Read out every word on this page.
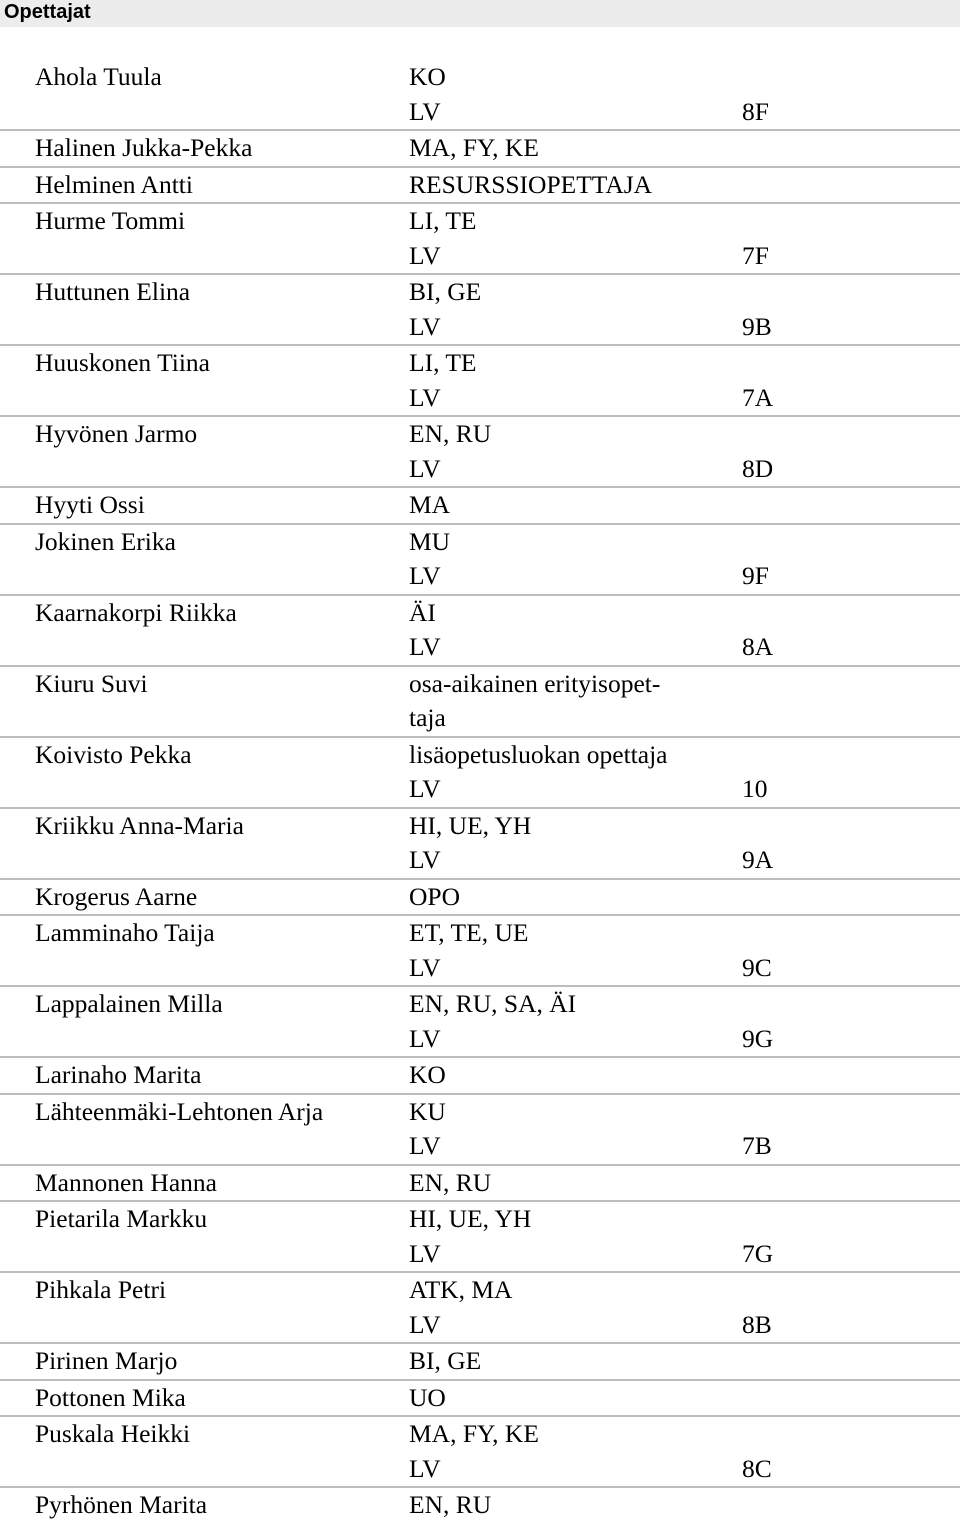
Opettajat
Ahola Tuula	KO
LV	8F
Halinen Jukka-Pekka	MA, FY, KE
Helminen Antti	RESURSSIOPETTAJA
Hurme Tommi	LI, TE
LV	7F
Huttunen Elina	BI, GE
LV	9B
Huuskonen Tiina	LI, TE
LV	7A
Hyvönen Jarmo	EN, RU
LV	8D
Hyyti Ossi	MA
Jokinen Erika	MU
LV	9F
Kaarnakorpi Riikka	ÄI
LV	8A
Kiuru Suvi	osa-aikainen erityisopet-
taja
Koivisto Pekka	lisäopetusluokan opettaja
LV	10
Kriikku Anna-Maria	HI, UE, YH
LV	9A
Krogerus Aarne	OPO
Lamminaho Taija	ET, TE, UE
LV	9C
Lappalainen Milla	EN, RU, SA, ÄI
LV	9G
Larinaho Marita	KO
Lähteenmäki-Lehtonen Arja	KU
LV	7B
Mannonen Hanna	EN, RU
Pietarila Markku	HI, UE, YH
LV	7G
Pihkala Petri	ATK, MA
LV	8B
Pirinen Marjo	BI, GE
Pottonen Mika	UO
Puskala Heikki	MA, FY, KE
LV	8C
Pyrhönen Marita	EN, RU
